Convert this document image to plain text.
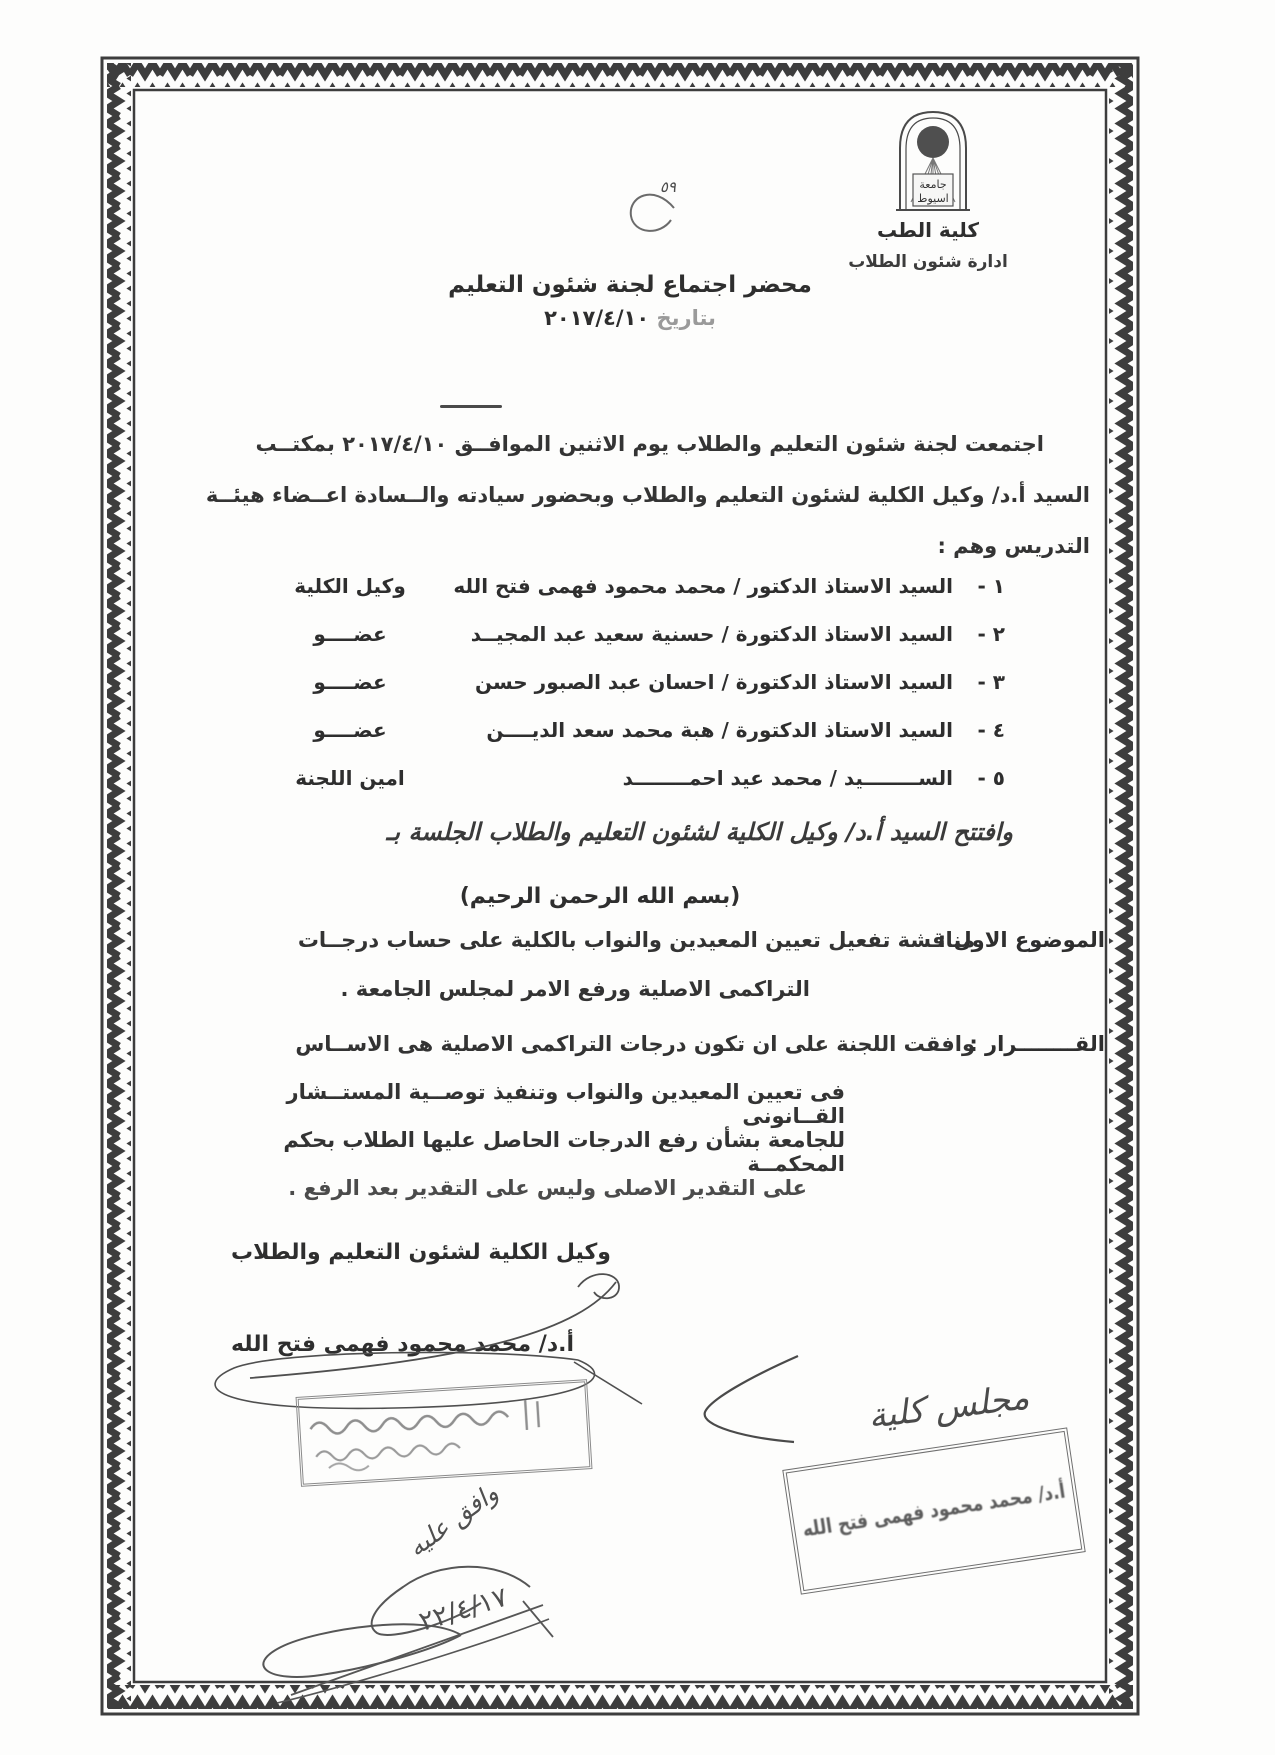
جامعة
اسيوط
كلية الطب
ادارة شئون الطلاب
٥٩
محضر اجتماع لجنة شئون التعليم
بتاريخ ٢٠١٧/٤/١٠
اجتمعت لجنة شئون التعليم والطلاب يوم الاثنين الموافــق ٢٠١٧/٤/١٠ بمكتــب
السيد أ.د/ وكيل الكلية لشئون التعليم والطلاب وبحضور سيادته والــسادة اعــضاء هيئــة
التدريس وهم :
١ -
السيد الاستاذ الدكتور / محمد محمود فهمى فتح الله
وكيل الكلية
٢ -
السيد الاستاذ الدكتورة / حسنية سعيد عبد المجيــد
عضــــو
٣ -
السيد الاستاذ الدكتورة / احسان عبد الصبور حسن
عضــــو
٤ -
السيد الاستاذ الدكتورة / هبة محمد سعد الديــــن
عضــــو
٥ -
الســــــــيد / محمد عيد احمــــــــد
امين اللجنة
وافتتح السيد أ.د/ وكيل الكلية لشئون التعليم والطلاب الجلسة بـ
(بسم الله الرحمن الرحيم)
الموضوع الاول :
مناقشة تفعيل تعيين المعيدين والنواب بالكلية على حساب درجــات
التراكمى الاصلية ورفع الامر لمجلس الجامعة .
القــــــــرار :
وافقت اللجنة على ان تكون درجات التراكمى الاصلية هى الاســاس
فى تعيين المعيدين والنواب وتنفيذ توصــية المستــشار القــانونى
للجامعة بشأن رفع الدرجات الحاصل عليها الطلاب بحكم المحكمــة
على التقدير الاصلى وليس على التقدير بعد الرفع .
وكيل الكلية لشئون التعليم والطلاب
أ.د/ محمد محمود فهمى فتح الله
مجلس كلية
أ.د/ محمد محمود فهمى فتح الله
وافق عليه
٢٢/٤/١٧
